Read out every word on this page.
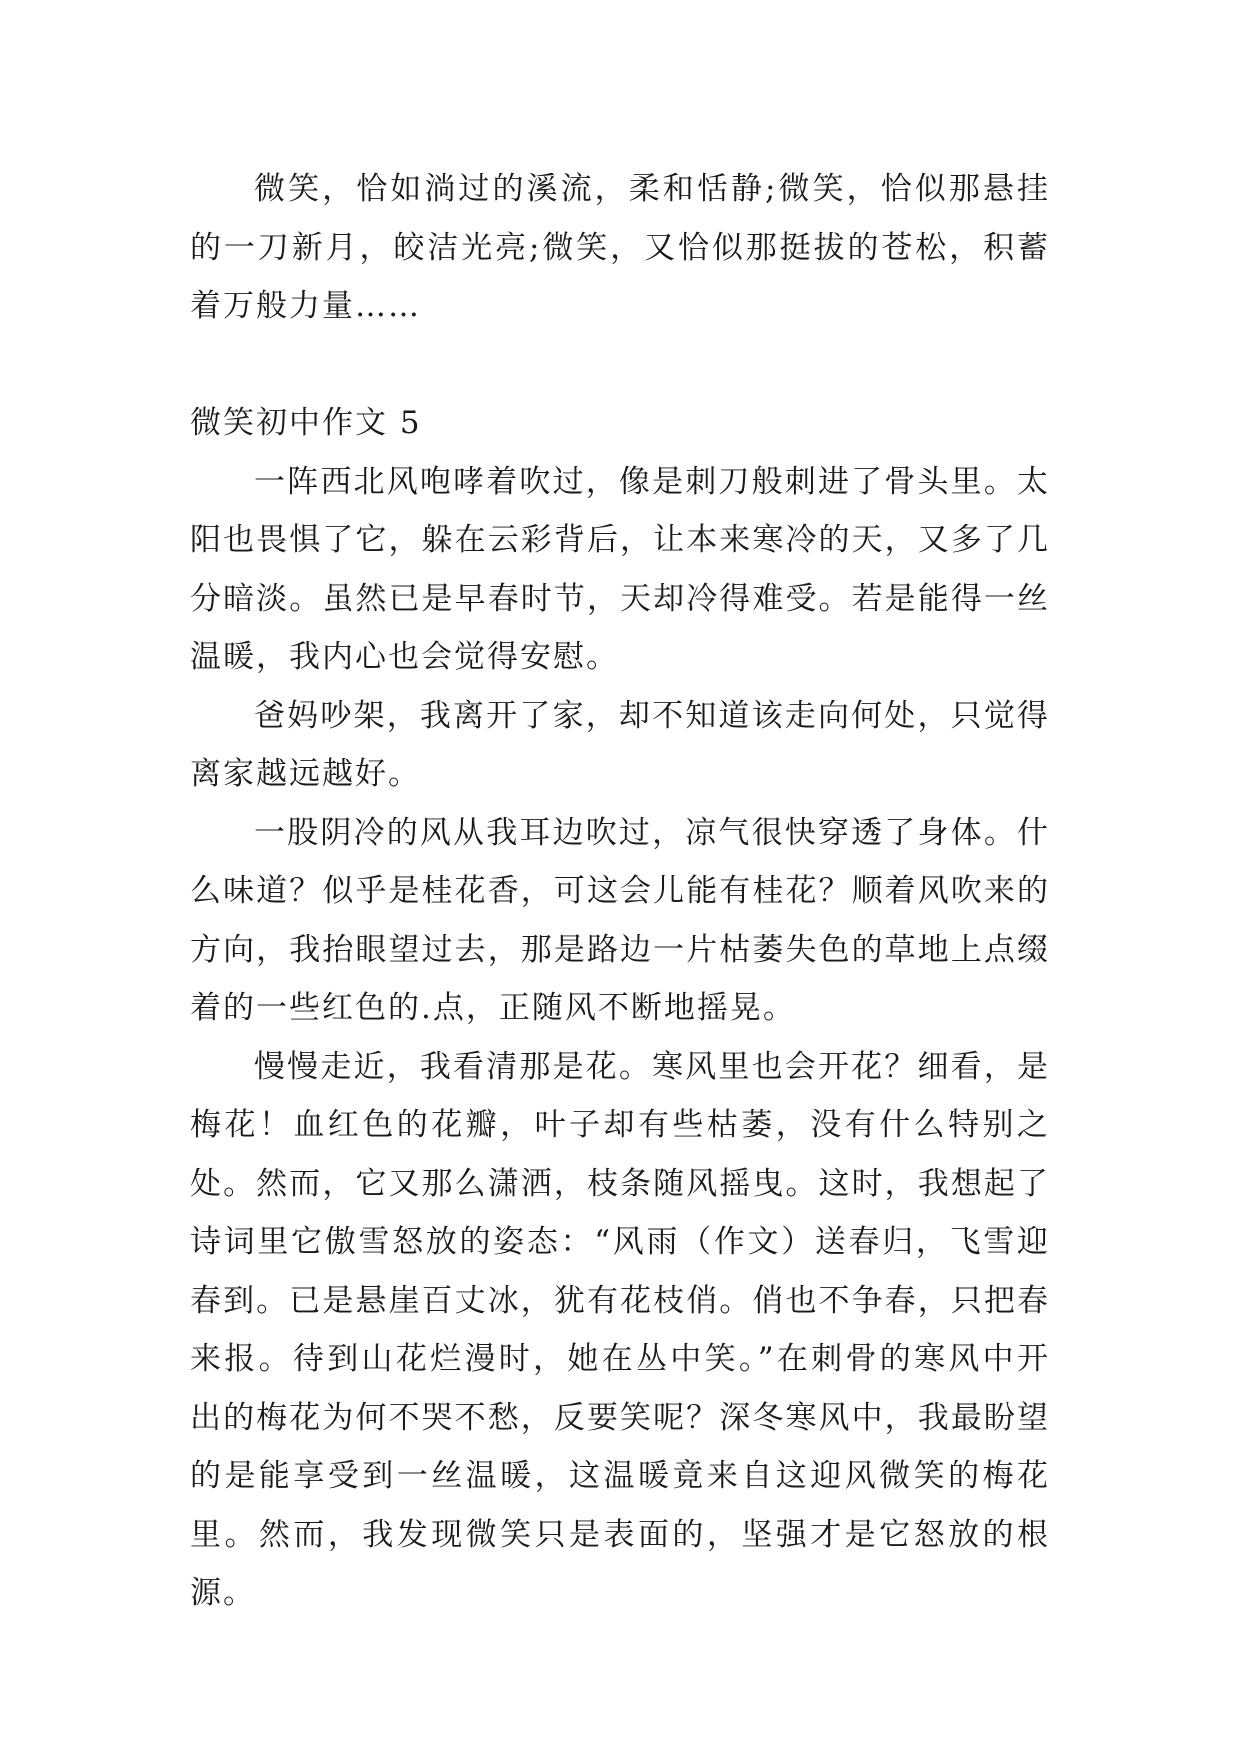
微笑，恰如淌过的溪流，柔和恬静;微笑，恰似那悬挂的一刀新月，皎洁光亮;微笑，又恰似那挺拔的苍松，积蓄着万般力量……

微笑初中作文 5

一阵西北风咆哮着吹过，像是刺刀般刺进了骨头里。太阳也畏惧了它，躲在云彩背后，让本来寒冷的天，又多了几分暗淡。虽然已是早春时节，天却冷得难受。若是能得一丝温暖，我内心也会觉得安慰。

爸妈吵架，我离开了家，却不知道该走向何处，只觉得离家越远越好。

一股阴冷的风从我耳边吹过，凉气很快穿透了身体。什么味道？似乎是桂花香，可这会儿能有桂花？顺着风吹来的方向，我抬眼望过去，那是路边一片枯萎失色的草地上点缀着的一些红色的.点，正随风不断地摇晃。

慢慢走近，我看清那是花。寒风里也会开花？细看，是梅花！血红色的花瓣，叶子却有些枯萎，没有什么特别之处。然而，它又那么潇洒，枝条随风摇曳。这时，我想起了诗词里它傲雪怒放的姿态：“风雨（作文）送春归，飞雪迎春到。已是悬崖百丈冰，犹有花枝俏。俏也不争春，只把春来报。待到山花烂漫时，她在丛中笑。”在刺骨的寒风中开出的梅花为何不哭不愁，反要笑呢？深冬寒风中，我最盼望的是能享受到一丝温暖，这温暖竟来自这迎风微笑的梅花里。然而，我发现微笑只是表面的，坚强才是它怒放的根源。
